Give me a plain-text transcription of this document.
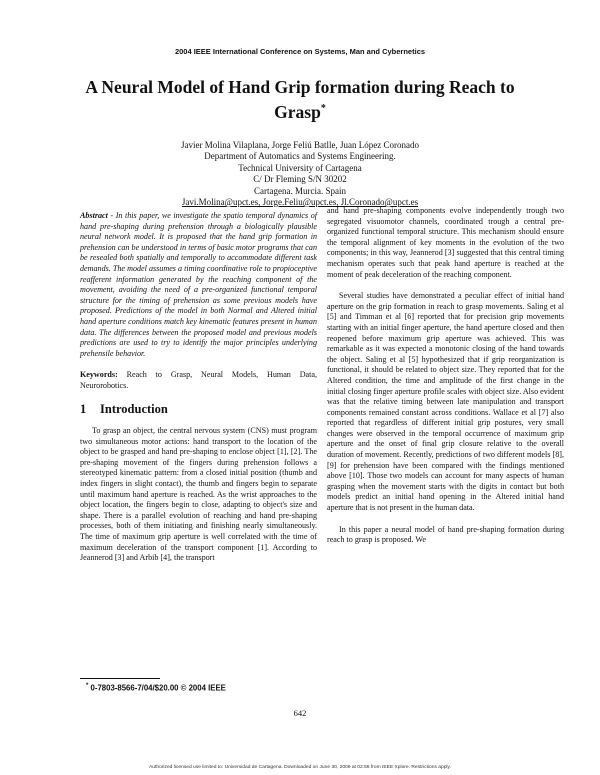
2004 IEEE International Conference on Systems, Man and Cybernetics
A Neural Model of Hand Grip formation during Reach to Grasp*
Javier Molina Vilaplana, Jorge Feliú Batlle, Juan López Coronado
Department of Automatics and Systems Engineering.
Technical University of Cartagena
C/ Dr Fleming S/N 30202
Cartagena. Murcia. Spain
Javi.Molina@upct.es, Jorge.Feliu@upct.es, Jl.Coronado@upct.es

Abstract - In this paper, we investigate the spatio temporal dynamics of hand pre-shaping during prehension through a biologically plausible neural network model. It is proposed that the hand grip formation in prehension can be understood in terms of basic motor programs that can be resealed both spatially and temporally to accommodate different task demands. The model assumes a timing coordinative role to propioceptive reafferent information generated by the reaching component of the movement, avoiding the need of a pre-organized functional temporal structure for the timing of prehension as some previous models have proposed. Predictions of the model in both Normal and Altered initial hand aperture conditions match key kinematic features present in human data. The differences between the proposed model and previous models predictions are used to try to identify the major principles underlying prehensile behavior.

Keywords: Reach to Grasp, Neural Models, Human Data, Neurorobotics.

1 Introduction

To grasp an object, the central nervous system (CNS) must program two simultaneous motor actions: hand transport to the location of the object to be grasped and hand pre-shaping to enclose object [1], [2]. The pre-shaping movement of the fingers during prehension follows a stereotyped kinematic pattern: from a closed initial position (thumb and index fingers in slight contact), the thumb and fingers begin to separate until maximum hand aperture is reached. As the wrist approaches to the object location, the fingers begin to close, adapting to object's size and shape. There is a parallel evolution of reaching and hand pre-shaping processes, both of them initiating and finishing nearly simultaneously. The time of maximum grip aperture is well correlated with the time of maximum deceleration of the transport component [1]. According to Jeannerod [3] and Arbib [4], the transport

and hand pre-shaping components evolve independently trough two segregated visuomotor channels, coordinated trough a central pre-organized functional temporal structure. This mechanism should ensure the temporal alignment of key moments in the evolution of the two components; in this way, Jeannerod [3] suggested that this central timing mechanism operates such that peak hand aperture is reached at the moment of peak deceleration of the reaching component.

Several studies have demonstrated a peculiar effect of initial hand aperture on the grip formation in reach to grasp movements. Saling et al [5] and Timman et al [6] reported that for precision grip movements starting with an initial finger aperture, the hand aperture closed and then reopened before maximum grip aperture was achieved. This was remarkable as it was expected a monotonic closing of the hand towards the object. Saling et al [5] hypothesized that if grip reorganization is functional, it should be related to object size. They reported that for the Altered condition, the time and amplitude of the first change in the initial closing finger aperture profile scales with object size. Also evident was that the relative timing between late manipulation and transport components remained constant across conditions. Wallace et al [7] also reported that regardless of different initial grip postures, very small changes were observed in the temporal occurrence of maximum grip aperture and the onset of final grip closure relative to the overall duration of movement. Recently, predictions of two different models [8], [9] for prehension have been compared with the findings mentioned above [10]. Those two models can account for many aspects of human grasping when the movement starts with the digits in contact but both models predict an initial hand opening in the Altered initial hand aperture that is not present in the human data.

In this paper a neural model of hand pre-shaping formation during reach to grasp is proposed. We

* 0-7803-8566-7/04/$20.00 © 2004 IEEE
642
Authorized licensed use limited to: Universidad de Cartagena. Downloaded on June 30, 2009 at 02:56 from IEEE Xplore. Restrictions apply.
